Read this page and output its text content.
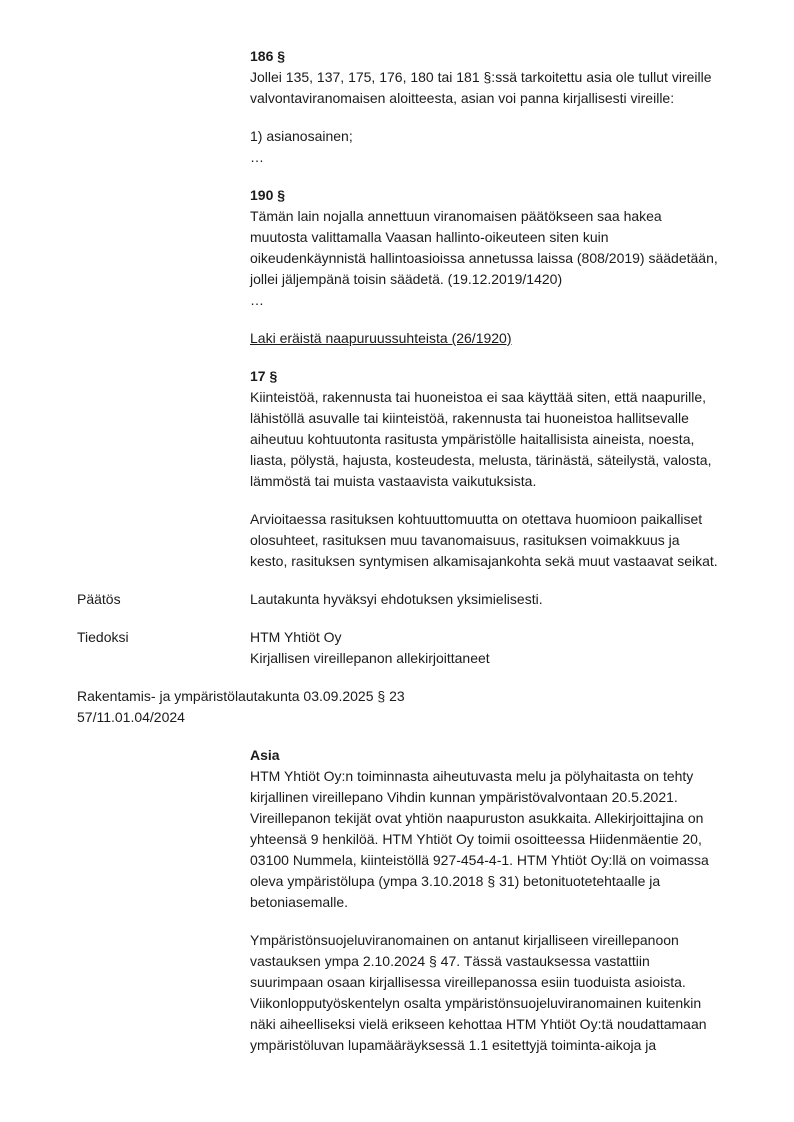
186 §
Jollei 135, 137, 175, 176, 180 tai 181 §:ssä tarkoitettu asia ole tullut vireille
valvontaviranomaisen aloitteesta, asian voi panna kirjallisesti vireille:
1) asianosainen;
…
190 §
Tämän lain nojalla annettuun viranomaisen päätökseen saa hakea
muutosta valittamalla Vaasan hallinto-oikeuteen siten kuin
oikeudenkäynnistä hallintoasioissa annetussa laissa (808/2019) säädetään,
jollei jäljempänä toisin säädetä. (19.12.2019/1420)
…
Laki eräistä naapuruussuhteista (26/1920)
17 §
Kiinteistöä, rakennusta tai huoneistoa ei saa käyttää siten, että naapurille,
lähistöllä asuvalle tai kiinteistöä, rakennusta tai huoneistoa hallitsevalle
aiheutuu kohtuutonta rasitusta ympäristölle haitallisista aineista, noesta,
liasta, pölystä, hajusta, kosteudesta, melusta, tärinästä, säteilystä, valosta,
lämmöstä tai muista vastaavista vaikutuksista.
Arvioitaessa rasituksen kohtuuttomuutta on otettava huomioon paikalliset
olosuhteet, rasituksen muu tavanomaisuus, rasituksen voimakkuus ja
kesto, rasituksen syntymisen alkamisajankohta sekä muut vastaavat seikat.
Päätös	Lautakunta hyväksyi ehdotuksen yksimielisesti.
Tiedoksi	HTM Yhtiöt Oy
Kirjallisen vireillepanon allekirjoittaneet
Rakentamis- ja ympäristölautakunta 03.09.2025 § 23
57/11.01.04/2024
Asia
HTM Yhtiöt Oy:n toiminnasta aiheutuvasta melu ja pölyhaitasta on tehty
kirjallinen vireillepano Vihdin kunnan ympäristövalvontaan 20.5.2021.
Vireillepanon tekijät ovat yhtiön naapuruston asukkaita. Allekirjoittajina on
yhteensä 9 henkilöä. HTM Yhtiöt Oy toimii osoitteessa Hiidenmäentie 20,
03100 Nummela, kiinteistöllä 927-454-4-1. HTM Yhtiöt Oy:llä on voimassa
oleva ympäristölupa (ympa 3.10.2018 § 31) betonituotetehtaalle ja
betoniasemalle.
Ympäristönsuojeluviranomainen on antanut kirjalliseen vireillepanoon
vastauksen ympa 2.10.2024 § 47. Tässä vastauksessa vastattiin
suurimpaan osaan kirjallisessa vireillepanossa esiin tuoduista asioista.
Viikonlopputyöskentelyn osalta ympäristönsuojeluviranomainen kuitenkin
näki aiheelliseksi vielä erikseen kehottaa HTM Yhtiöt Oy:tä noudattamaan
ympäristöluvan lupamääräyksessä 1.1 esitettyjä toiminta-aikoja ja
